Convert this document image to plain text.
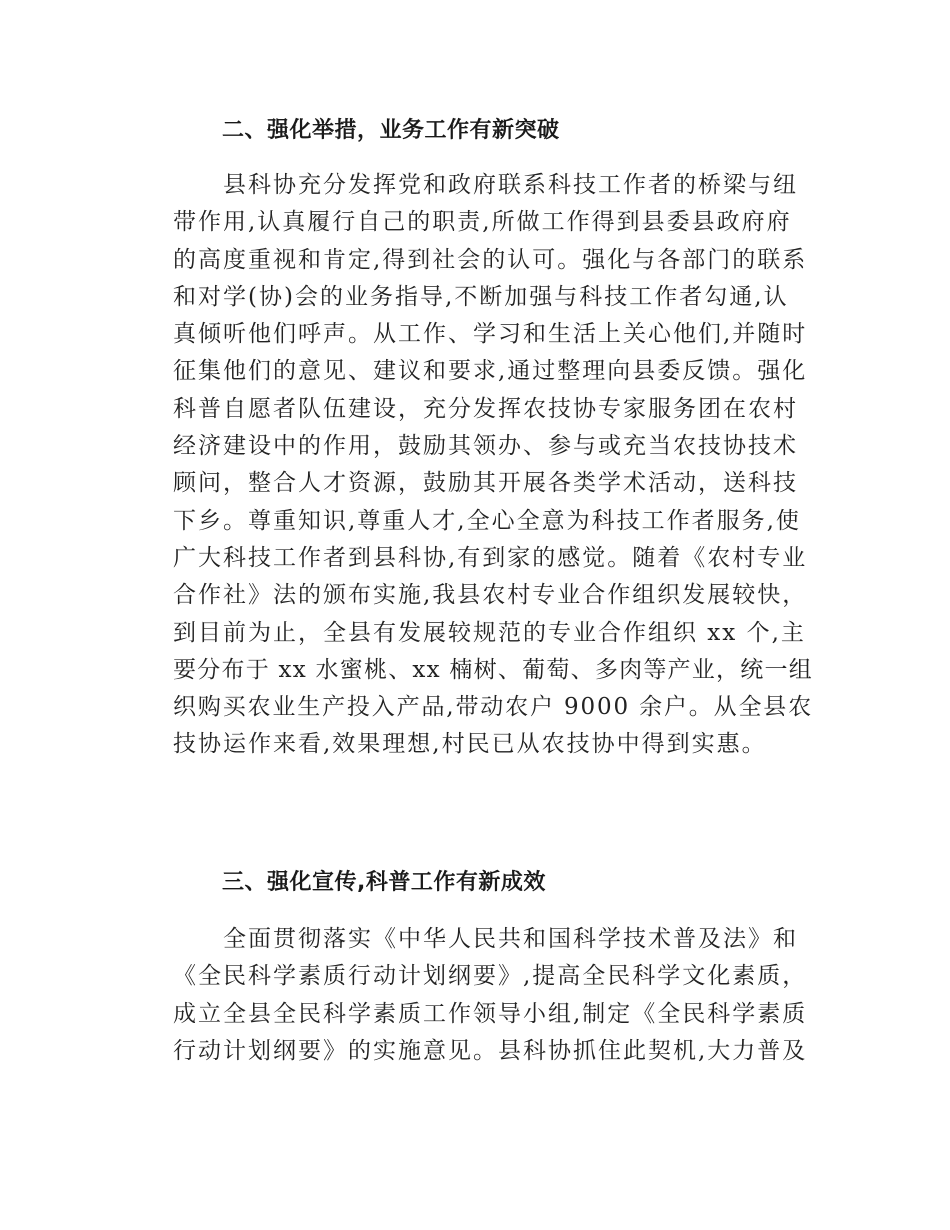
二、强化举措，业务工作有新突破
县科协充分发挥党和政府联系科技工作者的桥梁与纽
带作用,认真履行自己的职责,所做工作得到县委县政府府
的高度重视和肯定,得到社会的认可。强化与各部门的联系
和对学(协)会的业务指导,不断加强与科技工作者勾通,认
真倾听他们呼声。从工作、学习和生活上关心他们,并随时
征集他们的意见、建议和要求,通过整理向县委反馈。强化
科普自愿者队伍建设，充分发挥农技协专家服务团在农村
经济建设中的作用，鼓励其领办、参与或充当农技协技术
顾问，整合人才资源，鼓励其开展各类学术活动，送科技
下乡。尊重知识,尊重人才,全心全意为科技工作者服务,使
广大科技工作者到县科协,有到家的感觉。随着《农村专业
合作社》法的颁布实施,我县农村专业合作组织发展较快，
到目前为止，全县有发展较规范的专业合作组织 xx 个,主
要分布于 xx 水蜜桃、xx 楠树、葡萄、多肉等产业，统一组
织购买农业生产投入产品,带动农户 9000 余户。从全县农
技协运作来看,效果理想,村民已从农技协中得到实惠。
三、强化宣传,科普工作有新成效
全面贯彻落实《中华人民共和国科学技术普及法》和
《全民科学素质行动计划纲要》,提高全民科学文化素质，
成立全县全民科学素质工作领导小组,制定《全民科学素质
行动计划纲要》的实施意见。县科协抓住此契机,大力普及
